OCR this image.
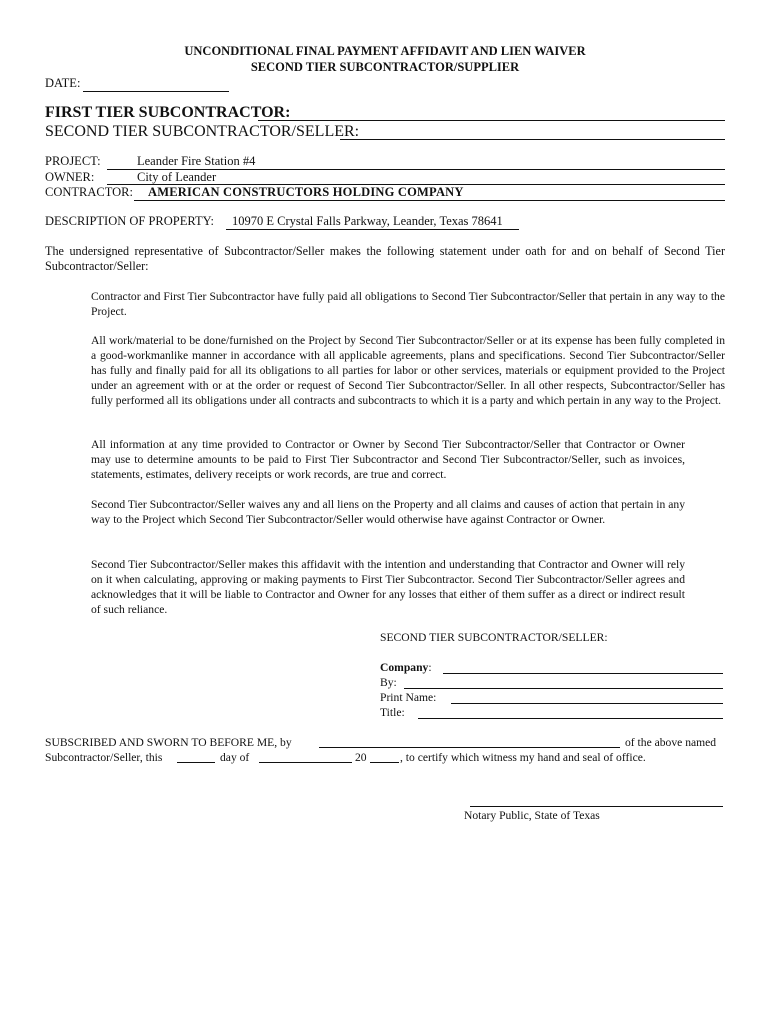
UNCONDITIONAL FINAL PAYMENT AFFIDAVIT AND LIEN WAIVER
SECOND TIER SUBCONTRACTOR/SUPPLIER
DATE:
FIRST TIER SUBCONTRACTOR:
SECOND TIER SUBCONTRACTOR/SELLER:
PROJECT:	Leander Fire Station #4
OWNER:	City of Leander
CONTRACTOR: AMERICAN CONSTRUCTORS HOLDING COMPANY
DESCRIPTION OF PROPERTY: 10970 E Crystal Falls Parkway, Leander, Texas 78641
The undersigned representative of Subcontractor/Seller makes the following statement under oath for and on behalf of Second Tier Subcontractor/Seller:
Contractor and First Tier Subcontractor have fully paid all obligations to Second Tier Subcontractor/Seller that pertain in any way to the Project.
All work/material to be done/furnished on the Project by Second Tier Subcontractor/Seller or at its expense has been fully completed in a good-workmanlike manner in accordance with all applicable agreements, plans and specifications. Second Tier Subcontractor/Seller has fully and finally paid for all its obligations to all parties for labor or other services, materials or equipment provided to the Project under an agreement with or at the order or request of Second Tier Subcontractor/Seller. In all other respects, Subcontractor/Seller has fully performed all its obligations under all contracts and subcontracts to which it is a party and which pertain in any way to the Project.
All information at any time provided to Contractor or Owner by Second Tier Subcontractor/Seller that Contractor or Owner may use to determine amounts to be paid to First Tier Subcontractor and Second Tier Subcontractor/Seller, such as invoices, statements, estimates, delivery receipts or work records, are true and correct.
Second Tier Subcontractor/Seller waives any and all liens on the Property and all claims and causes of action that pertain in any way to the Project which Second Tier Subcontractor/Seller would otherwise have against Contractor or Owner.
Second Tier Subcontractor/Seller makes this affidavit with the intention and understanding that Contractor and Owner will rely on it when calculating, approving or making payments to First Tier Subcontractor. Second Tier Subcontractor/Seller agrees and acknowledges that it will be liable to Contractor and Owner for any losses that either of them suffer as a direct or indirect result of such reliance.
SECOND TIER SUBCONTRACTOR/SELLER:
Company:
By:
Print Name:
Title:
SUBSCRIBED AND SWORN TO BEFORE ME, by	of the above named
Subcontractor/Seller, this	day of	20	, to certify which witness my hand and seal of office.
Notary Public, State of Texas
